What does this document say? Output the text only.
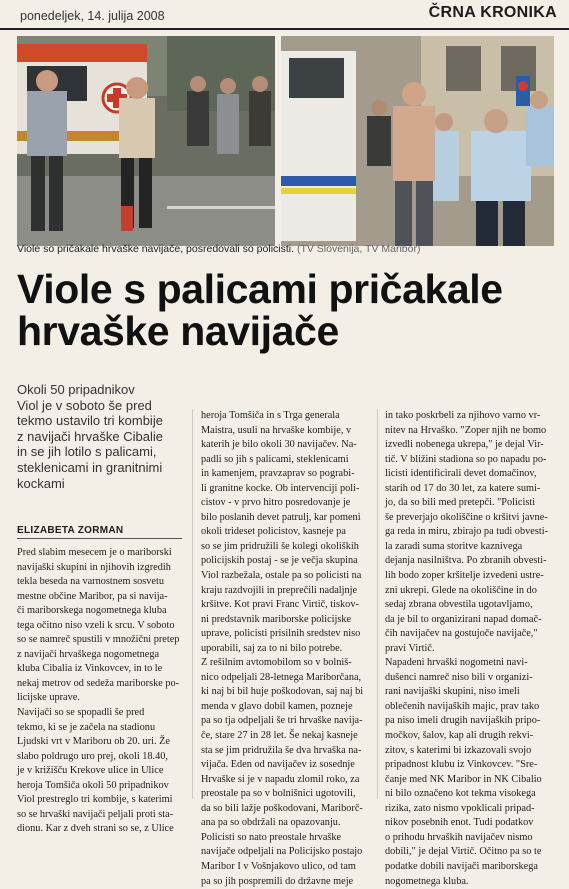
ponedeljek, 14. julija 2008	ČRNA KRONIKA
Viole so pričakale hrvaške navijače, posredovali so policisti. (TV Slovenija, TV Maribor)
Viole s palicami pričakale
hrvaške navijače
Okoli 50 pripadnikov
Viol je v soboto še pred
tekmo ustavilo tri kombije
z navijači hrvaške Cibalie
in se jih lotilo s palicami,
steklenicami in granitnimi
kockami
ELIZABETA ZORMAN
Pred slabim mesecem je o mariborski
navijaški skupini in njihovih izgredih
tekla beseda na varnostnem sosvetu
mestne občine Maribor, pa si navija-
či mariborskega nogometnega kluba
tega očitno niso vzeli k srcu. V soboto
so se namreč spustili v množični pretep
z navijači hrvaškega nogometnega
kluba Cibalia iz Vinkovcev, in to le
nekaj metrov od sedeža mariborske po-
licijske uprave.
Navijači so se spopadli še pred
tekmo, ki se je začela na stadionu
Ljudski vrt v Mariboru ob 20. uri. Že
slabo poldrugo uro prej, okoli 18.40,
je v križišču Krekove ulice in Ulice
heroja Tomšiča okoli 50 pripadnikov
Viol prestreglo tri kombije, s katerimi
so se hrvaški navijači peljali proti sta-
dionu. Kar z dveh strani so se, z Ulice
heroja Tomšiča in s Trga generala
Maistra, usuli na hrvaške kombije, v
katerih je bilo okoli 30 navijačev. Na-
padli so jih s palicami, steklenicami
in kamenjem, pravzaprav so pograbi-
li granitne kocke. Ob intervenciji poli-
cistov - v prvo hitro posredovanje je
bilo poslanih devet patrulj, kar pomeni
okoli trideset policistov, kasneje pa
so se jim pridružili še kolegi okoliških
policijskih postaj - se je večja skupina
Viol razbežala, ostale pa so policisti na
kraju razdvojili in preprečili nadaljnje
kršitve. Kot pravi Franc Virtič, tiskov-
ni predstavnik mariborske policijske
uprave, policisti prisilnih sredstev niso
uporabili, saj za to ni bilo potrebe.
Z rešilnim avtomobilom so v bolniš-
nico odpeljali 28-letnega Mariborčana,
ki naj bi bil huje poškodovan, saj naj bi
menda v glavo dobil kamen, pozneje
pa so tja odpeljali še tri hrvaške navija-
če, stare 27 in 28 let. Še nekaj kasneje
sta se jim pridružila še dva hrvaška na-
vijača. Eden od navijačev iz sosednje
Hrvaške si je v napadu zlomil roko, za
preostale pa so v bolnišnici ugotovili,
da so bili lažje poškodovani, Mariborč-
ana pa so obdržali na opazovanju.
Policisti so nato preostale hrvaške
navijače odpeljali na Policijsko postajo
Maribor I v Vošnjakovo ulico, od tam
pa so jih pospremili do državne meje
in tako poskrbeli za njihovo varno vr-
nitev na Hrvaško. "Zoper njih ne bomo
izvedli nobenega ukrepa," je dejal Vir-
tič. V bližini stadiona so po napadu po-
licisti identificirali devet domačinov,
starih od 17 do 30 let, za katere sumi-
jo, da so bili med pretepči. "Policisti
še preverjajo okoliščine o kršitvi javne-
ga reda in miru, zbirajo pa tudi obvesti-
la zaradi suma storitve kaznivega
dejanja nasilništva. Po zbranih obvesti-
lih bodo zoper kršitelje izvedeni ustre-
zni ukrepi. Glede na okoliščine in do
sedaj zbrana obvestila ugotavljamo,
da je bil to organizirani napad domač-
čih navijačev na gostujoče navijače,"
pravi Virtič.
Napadeni hrvaški nogometni navi-
dušenci namreč niso bili v organizi-
rani navijaški skupini, niso imeli
oblečenih navijaških majic, prav tako
pa niso imeli drugih navijaških pripo-
močkov, šalov, kap ali drugih rekvi-
zitov, s katerimi bi izkazovali svojo
pripadnost klubu iz Vinkovcev. "Sre-
čanje med NK Maribor in NK Cibalio
ni bilo označeno kot tekma visokega
rizika, zato nismo vpoklicali pripad-
nikov posebnih enot. Tudi podatkov
o prihodu hrvaških navijačev nismo
dobili," je dejal Virtič. Očitno pa so te
podatke dobili navijači mariborskega
nogometnega kluba.
